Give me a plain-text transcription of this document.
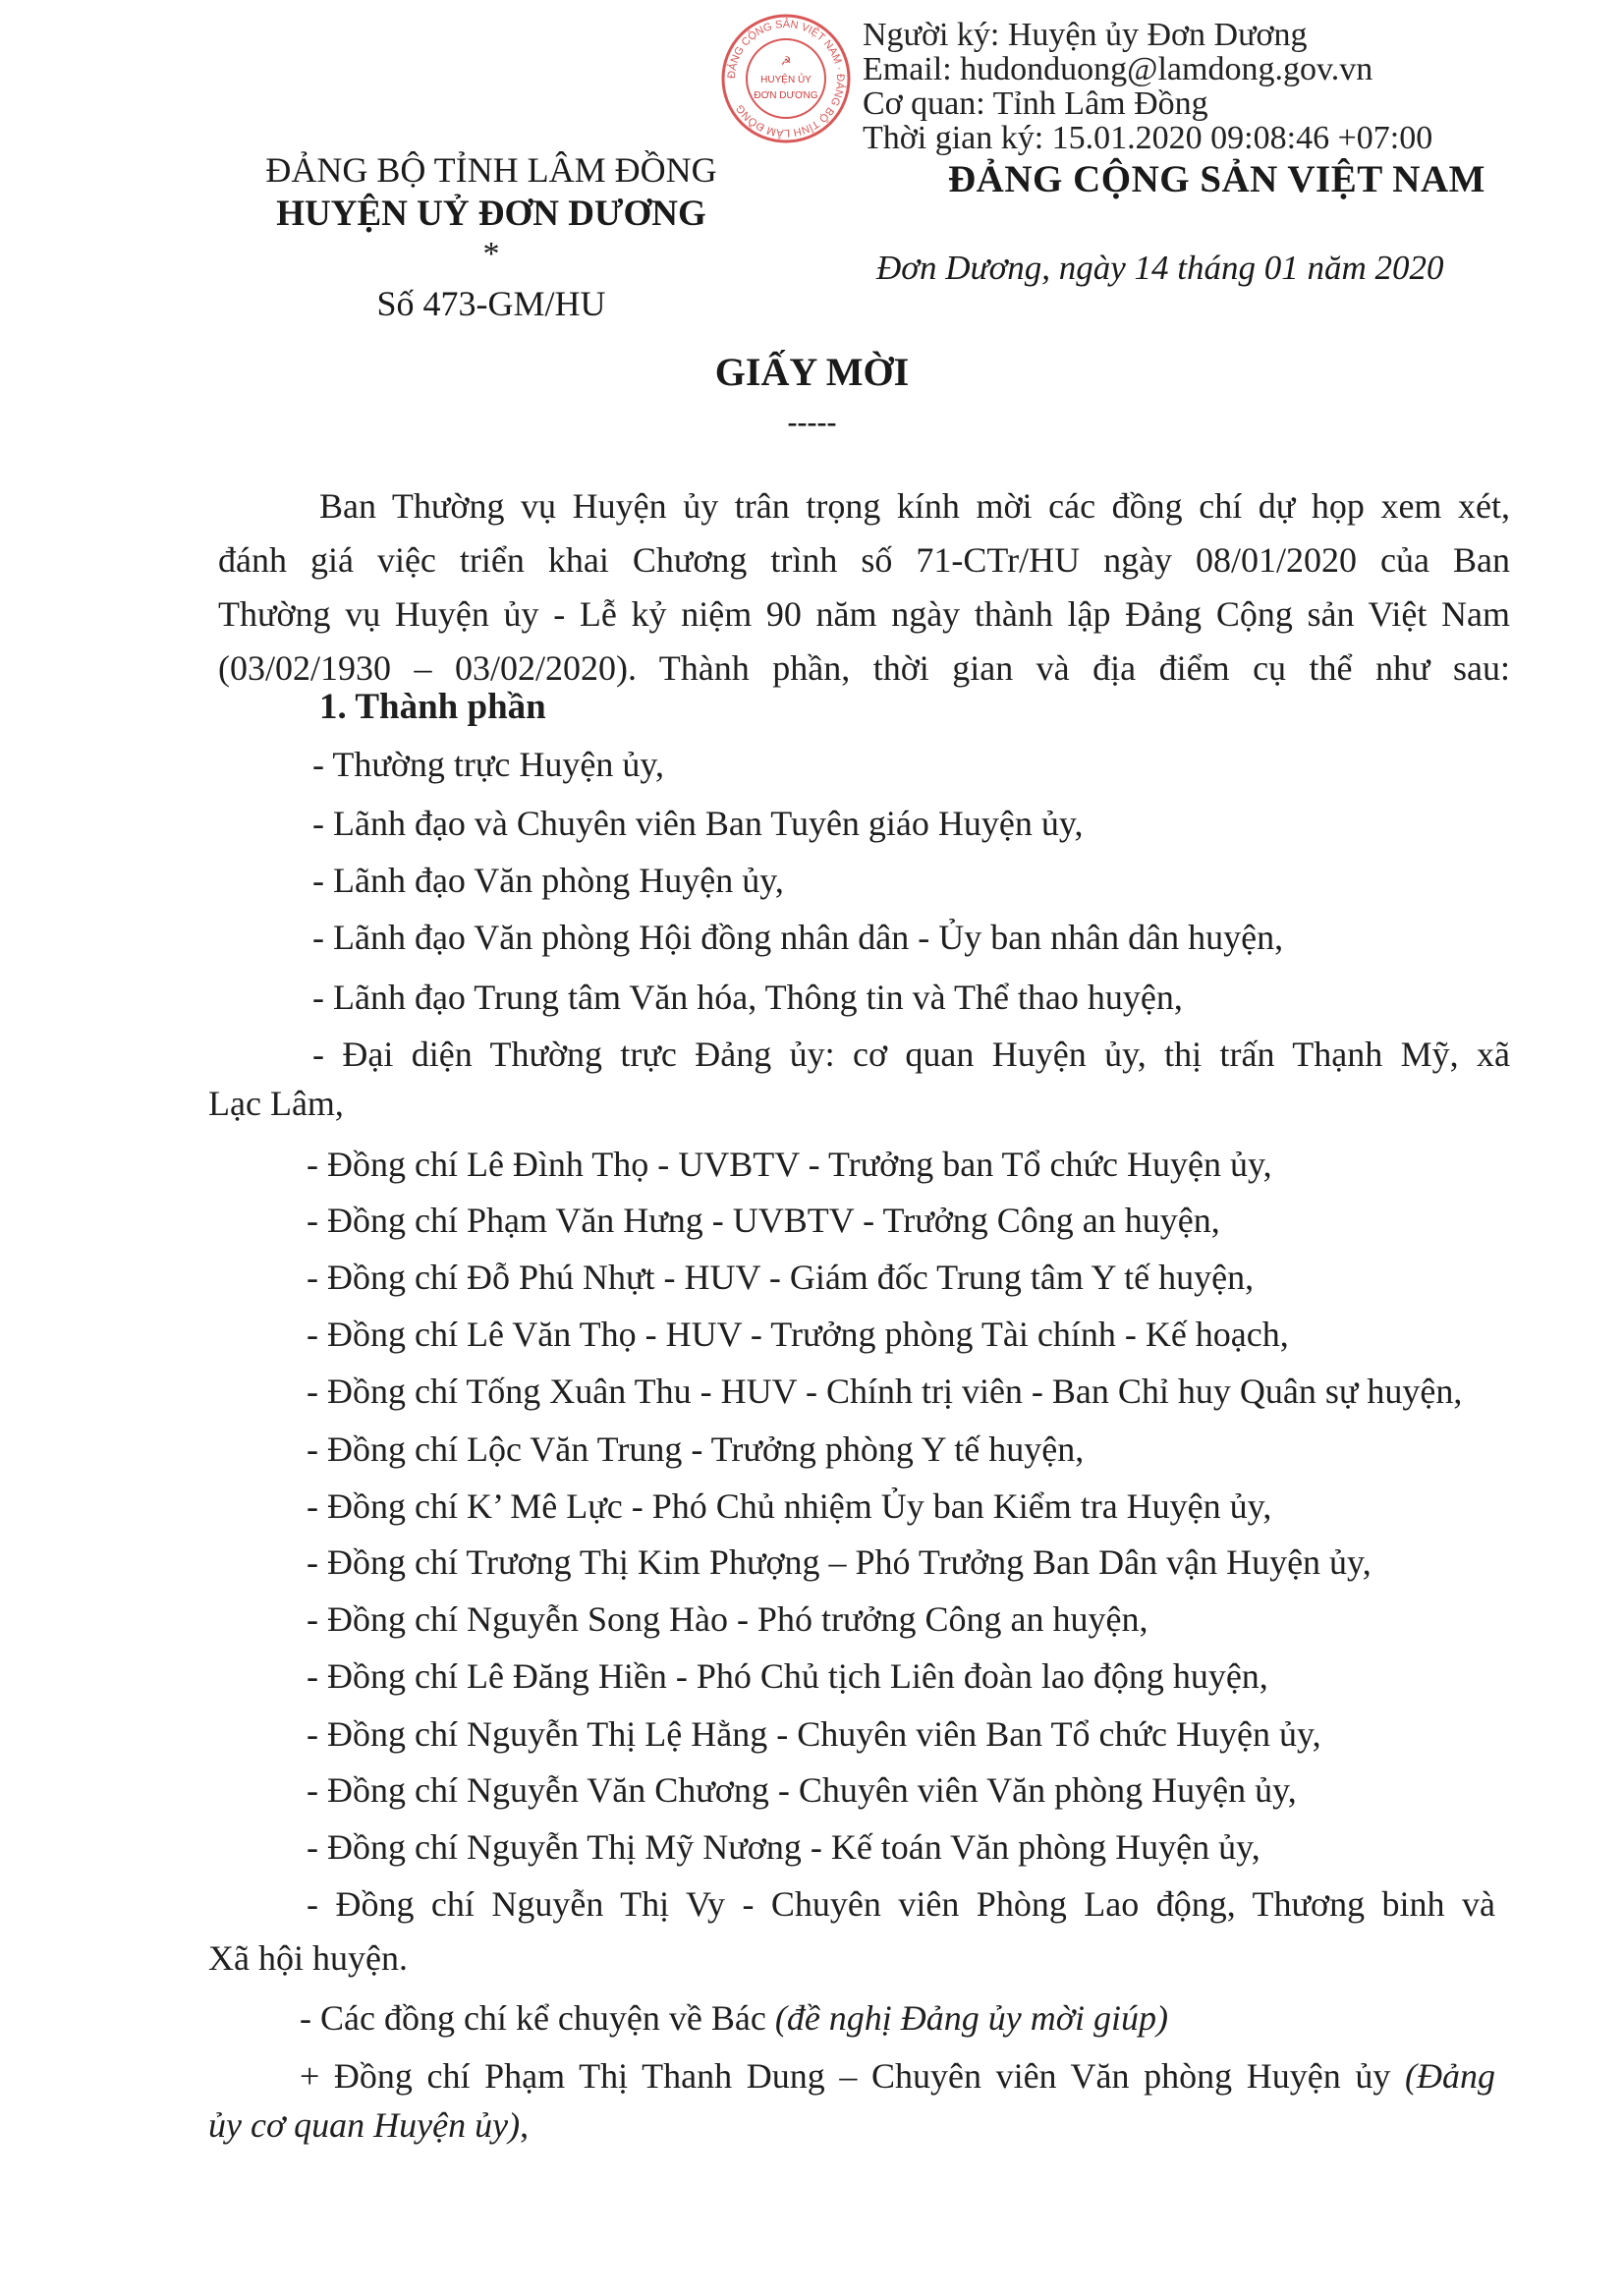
Người ký: Huyện ủy Đơn Dương
Email: hudonduong@lamdong.gov.vn
Cơ quan: Tỉnh Lâm Đồng
Thời gian ký: 15.01.2020 09:08:46 +07:00
ĐẢNG CỘNG SẢN VIỆT NAM · ĐẢNG BỘ TỈNH LÂM ĐỒNG
☭
HUYỆN ỦY
ĐƠN DƯƠNG
ĐẢNG BỘ TỈNH LÂM ĐỒNG
HUYỆN UỶ ĐƠN DƯƠNG
*
Số 473-GM/HU
ĐẢNG CỘNG SẢN VIỆT NAM
Đơn Dương, ngày 14 tháng 01 năm 2020
GIẤY MỜI
-----
Ban Thường vụ Huyện ủy trân trọng kính mời các đồng chí dự họp xem xét,
đánh giá việc triển khai Chương trình số 71-CTr/HU ngày 08/01/2020 của Ban
Thường vụ Huyện ủy - Lễ kỷ niệm 90 năm ngày thành lập Đảng Cộng sản Việt Nam
(03/02/1930 – 03/02/2020). Thành phần, thời gian và địa điểm cụ thể như sau:
1. Thành phần
- Thường trực Huyện ủy,
- Lãnh đạo và Chuyên viên Ban Tuyên giáo Huyện ủy,
- Lãnh đạo Văn phòng Huyện ủy,
- Lãnh đạo Văn phòng Hội đồng nhân dân - Ủy ban nhân dân huyện,
- Lãnh đạo Trung tâm Văn hóa, Thông tin và Thể thao huyện,
- Đại diện Thường trực Đảng ủy: cơ quan Huyện ủy, thị trấn Thạnh Mỹ, xã
Lạc Lâm,
- Đồng chí Lê Đình Thọ - UVBTV - Trưởng ban Tổ chức Huyện ủy,
- Đồng chí Phạm Văn Hưng - UVBTV - Trưởng Công an huyện,
- Đồng chí Đỗ Phú Nhựt - HUV - Giám đốc Trung tâm Y tế huyện,
- Đồng chí Lê Văn Thọ - HUV - Trưởng phòng Tài chính - Kế hoạch,
- Đồng chí Tống Xuân Thu - HUV - Chính trị viên - Ban Chỉ huy Quân sự huyện,
- Đồng chí Lộc Văn Trung - Trưởng phòng Y tế huyện,
- Đồng chí K’ Mê Lực - Phó Chủ nhiệm Ủy ban Kiểm tra Huyện ủy,
- Đồng chí Trương Thị Kim Phượng – Phó Trưởng Ban Dân vận Huyện ủy,
- Đồng chí Nguyễn Song Hào - Phó trưởng Công an huyện,
- Đồng chí Lê Đăng Hiền - Phó Chủ tịch Liên đoàn lao động huyện,
- Đồng chí Nguyễn Thị Lệ Hằng - Chuyên viên Ban Tổ chức Huyện ủy,
- Đồng chí Nguyễn Văn Chương - Chuyên viên Văn phòng Huyện ủy,
- Đồng chí Nguyễn Thị Mỹ Nương - Kế toán Văn phòng Huyện ủy,
- Đồng chí Nguyễn Thị Vy - Chuyên viên Phòng Lao động, Thương binh và
Xã hội huyện.
- Các đồng chí kể chuyện về Bác (đề nghị Đảng ủy mời giúp)
+ Đồng chí Phạm Thị Thanh Dung – Chuyên viên Văn phòng Huyện ủy (Đảng
ủy cơ quan Huyện ủy),
